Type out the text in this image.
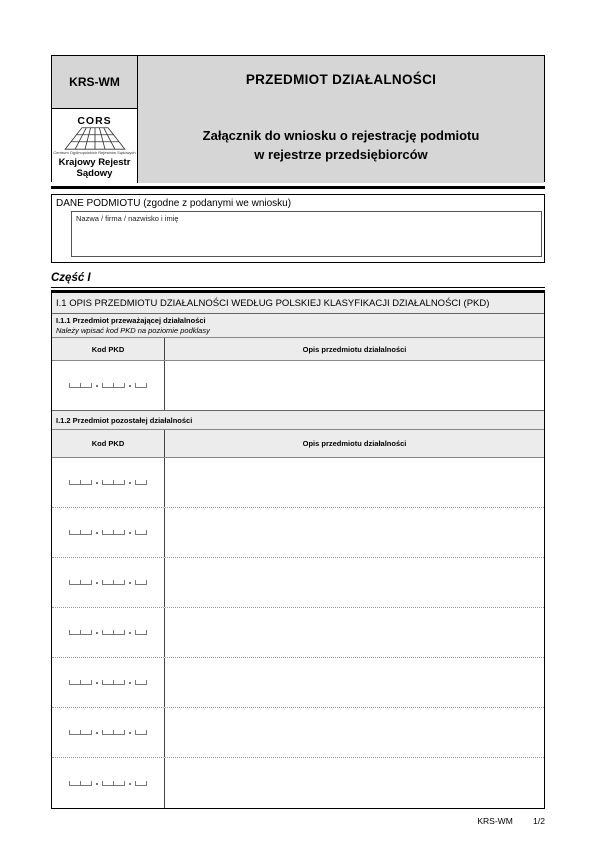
KRS-WM	PRZEDMIOT DZIAŁALNOŚCI
Załącznik do wniosku o rejestrację podmiotu
w rejestrze przedsiębiorców
CORS
Centrum Ogólnopolskich Rejestrów Sądowych
Krajowy Rejestr
Sądowy
DANE PODMIOTU (zgodne z podanymi we wniosku)
Nazwa / firma / nazwisko i imię
Część I
I.1 OPIS PRZEDMIOTU DZIAŁALNOŚCI WEDŁUG POLSKIEJ KLASYFIKACJI DZIAŁALNOŚCI (PKD)
I.1.1 Przedmiot przeważającej działalności
Należy wpisać kod PKD na poziomie podklasy
Kod PKD	Opis przedmiotu działalności
I.1.2 Przedmiot pozostałej działalności
Kod PKD	Opis przedmiotu działalności
KRS-WM 1/2
